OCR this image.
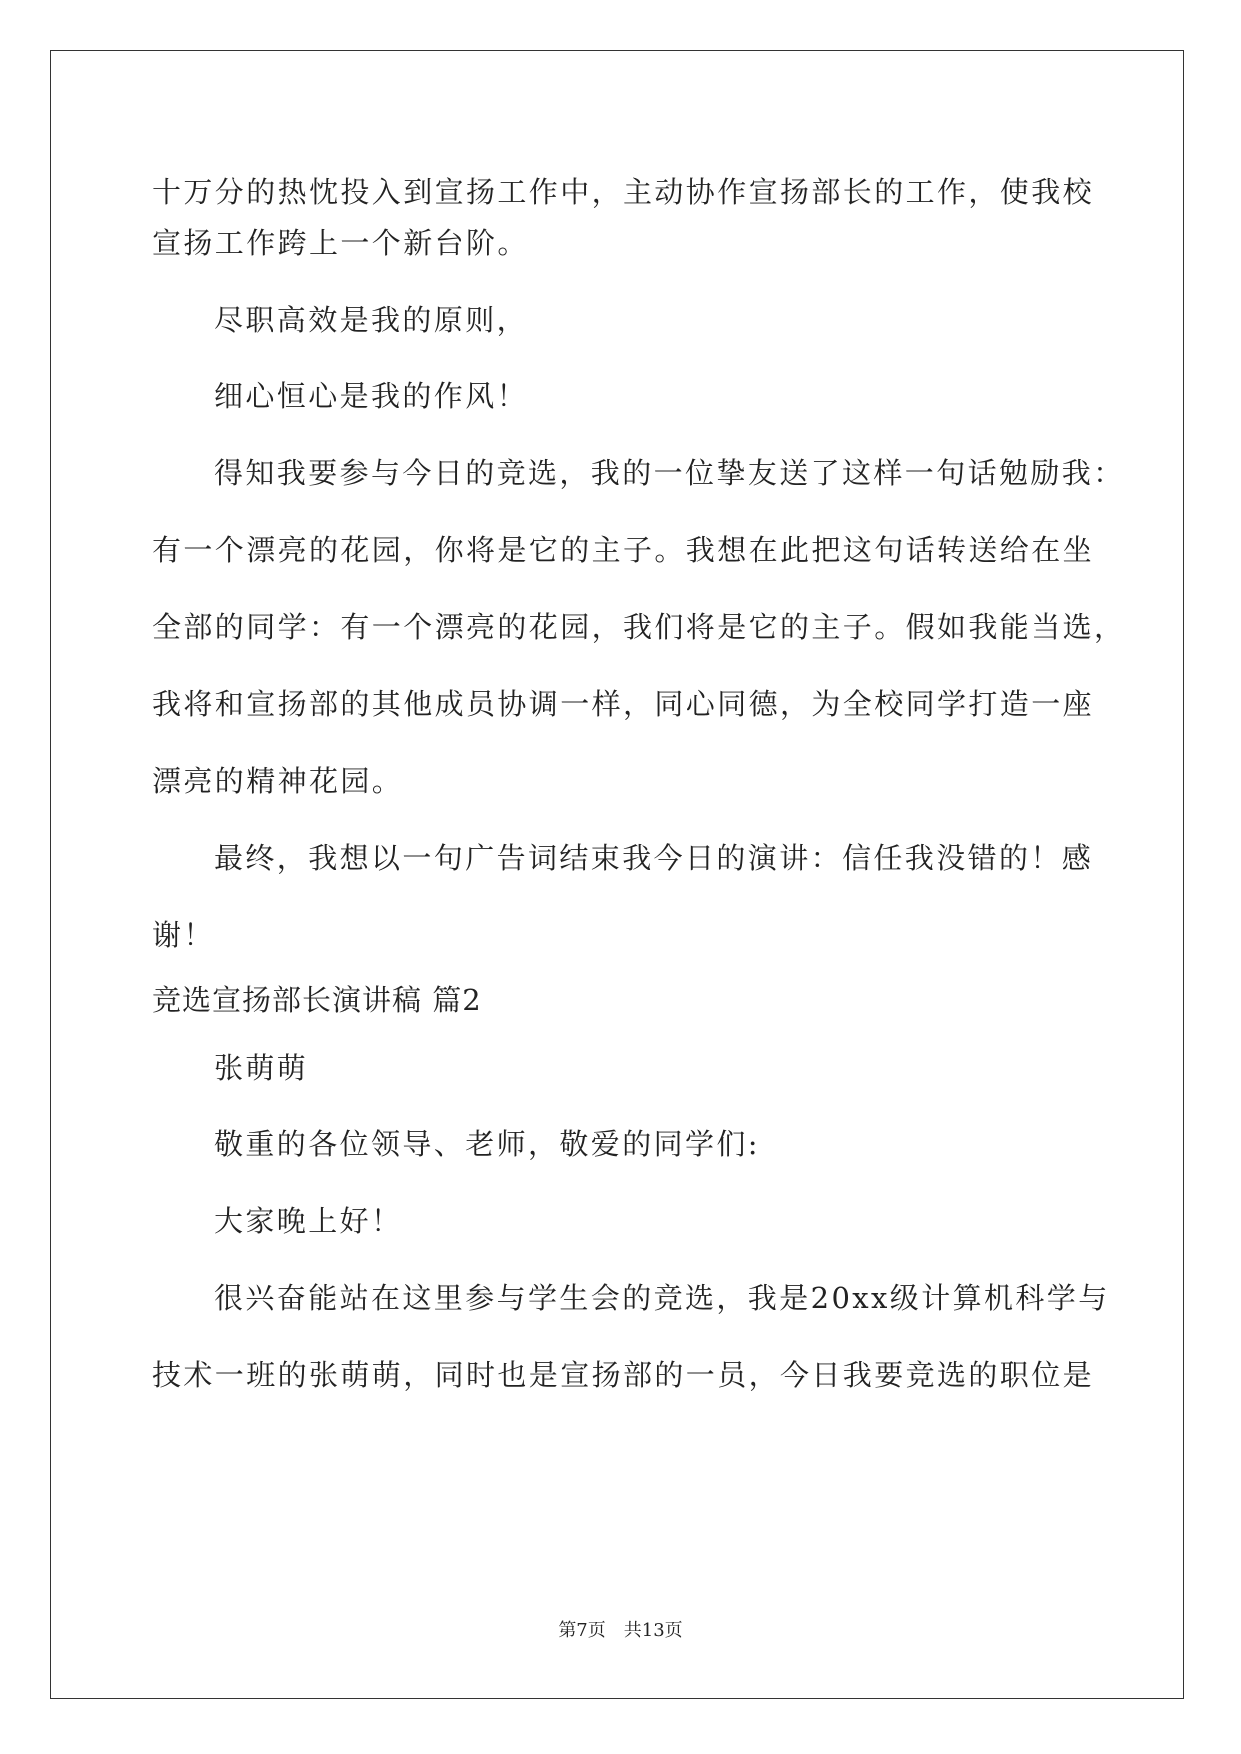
十万分的热忱投入到宣扬工作中，主动协作宣扬部长的工作，使我校
宣扬工作跨上一个新台阶。
尽职高效是我的原则，
细心恒心是我的作风！
得知我要参与今日的竞选，我的一位挚友送了这样一句话勉励我：
有一个漂亮的花园，你将是它的主子。我想在此把这句话转送给在坐
全部的同学：有一个漂亮的花园，我们将是它的主子。假如我能当选，
我将和宣扬部的其他成员协调一样，同心同德，为全校同学打造一座
漂亮的精神花园。
最终，我想以一句广告词结束我今日的演讲：信任我没错的！感
谢！
竞选宣扬部长演讲稿 篇2
张萌萌
敬重的各位领导、老师，敬爱的同学们:
大家晚上好！
很兴奋能站在这里参与学生会的竞选，我是20xx级计算机科学与
技术一班的张萌萌，同时也是宣扬部的一员，今日我要竞选的职位是
第7页 共13页
